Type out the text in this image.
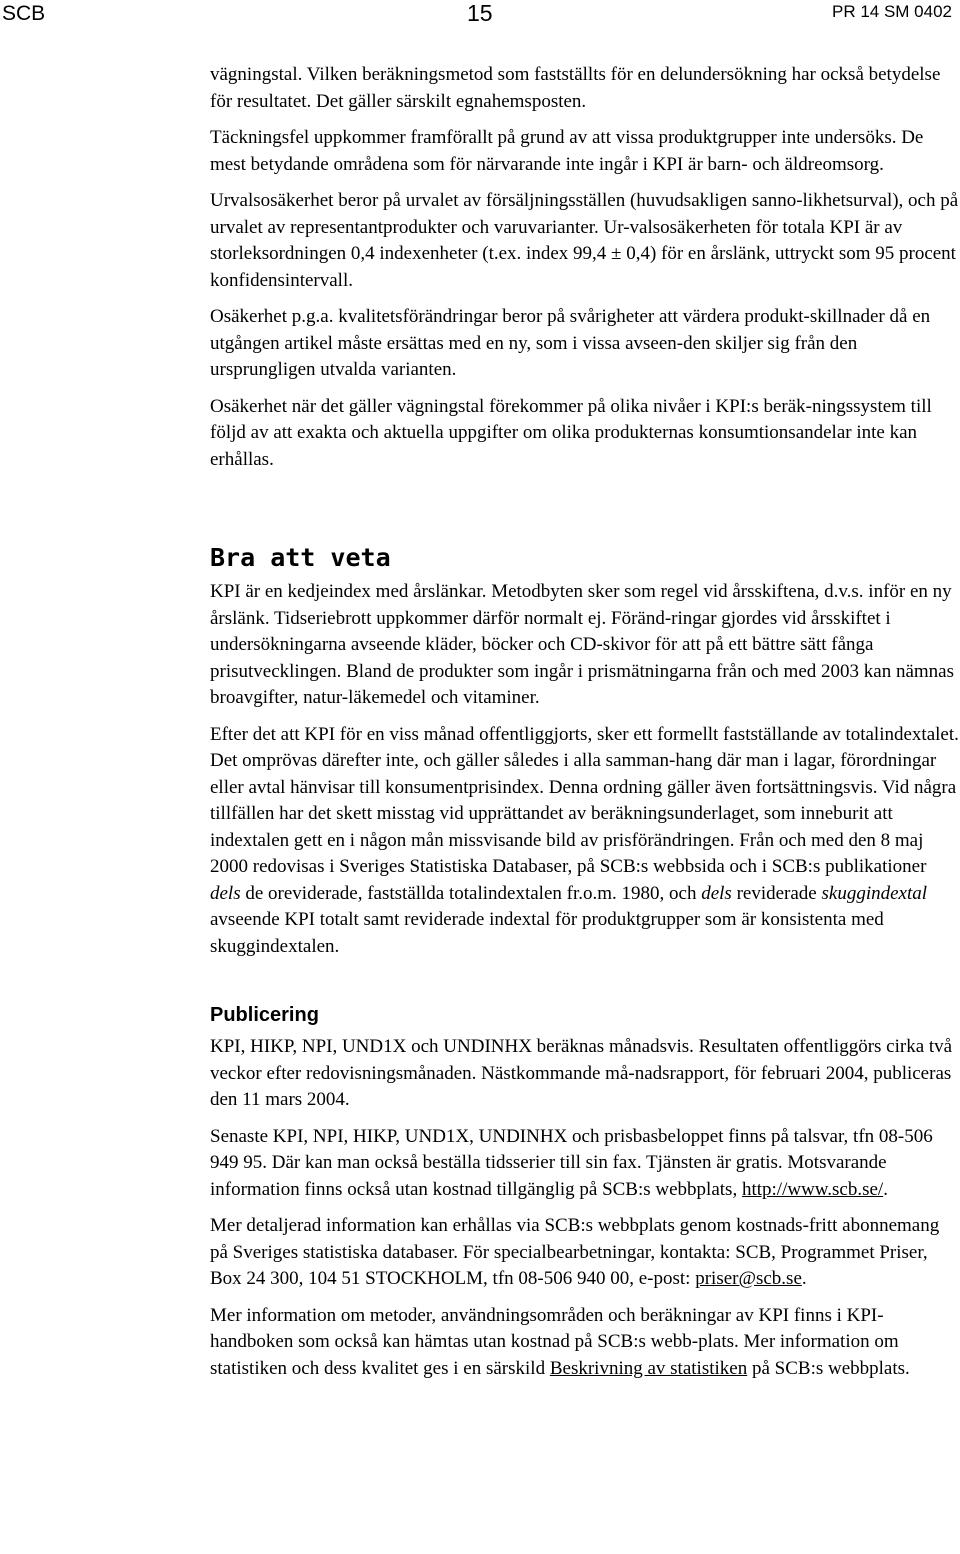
SCB	15	PR 14 SM 0402

vägningstal. Vilken beräkningsmetod som fastställts för en delundersökning har också betydelse för resultatet. Det gäller särskilt egnahemsposten.

Täckningsfel uppkommer framförallt på grund av att vissa produktgrupper inte undersöks. De mest betydande områdena som för närvarande inte ingår i KPI är barn- och äldreomsorg.

Urvalsosäkerhet beror på urvalet av försäljningsställen (huvudsakligen sanno-likhetsurval), och på urvalet av representantprodukter och varuvarianter. Ur-valsosäkerheten för totala KPI är av storleksordningen 0,4 indexenheter (t.ex. index 99,4 ± 0,4) för en årslänk, uttryckt som 95 procent konfidensintervall.

Osäkerhet p.g.a. kvalitetsförändringar beror på svårigheter att värdera produkt-skillnader då en utgången artikel måste ersättas med en ny, som i vissa avseen-den skiljer sig från den ursprungligen utvalda varianten.

Osäkerhet när det gäller vägningstal förekommer på olika nivåer i KPI:s beräk-ningssystem till följd av att exakta och aktuella uppgifter om olika produkternas konsumtionsandelar inte kan erhållas.

Bra att veta

KPI är en kedjeindex med årslänkar. Metodbyten sker som regel vid årsskiftena, d.v.s. inför en ny årslänk. Tidseriebrott uppkommer därför normalt ej. Föränd-ringar gjordes vid årsskiftet i undersökningarna avseende kläder, böcker och CD-skivor för att på ett bättre sätt fånga prisutvecklingen. Bland de produkter som ingår i prismätningarna från och med 2003 kan nämnas broavgifter, natur-läkemedel och vitaminer.

Efter det att KPI för en viss månad offentliggjorts, sker ett formellt fastställande av totalindextalet. Det omprövas därefter inte, och gäller således i alla samman-hang där man i lagar, förordningar eller avtal hänvisar till konsumentprisindex. Denna ordning gäller även fortsättningsvis. Vid några tillfällen har det skett misstag vid upprättandet av beräkningsunderlaget, som inneburit att indextalen gett en i någon mån missvisande bild av prisförändringen. Från och med den 8 maj 2000 redovisas i Sveriges Statistiska Databaser, på SCB:s webbsida och i SCB:s publikationer dels de oreviderade, fastställda totalindextalen fr.o.m. 1980, och dels reviderade skuggindextal avseende KPI totalt samt reviderade indextal för produktgrupper som är konsistenta med skuggindextalen.

Publicering

KPI, HIKP, NPI, UND1X och UNDINHX beräknas månadsvis. Resultaten offentliggörs cirka två veckor efter redovisningsmånaden. Nästkommande må-nadsrapport, för februari 2004, publiceras den 11 mars 2004.

Senaste KPI, NPI, HIKP, UND1X, UNDINHX och prisbasbeloppet finns på talsvar, tfn 08-506 949 95. Där kan man också beställa tidsserier till sin fax. Tjänsten är gratis. Motsvarande information finns också utan kostnad tillgänglig på SCB:s webbplats, http://www.scb.se/.

Mer detaljerad information kan erhållas via SCB:s webbplats genom kostnads-fritt abonnemang på Sveriges statistiska databaser. För specialbearbetningar, kontakta: SCB, Programmet Priser, Box 24 300, 104 51 STOCKHOLM, tfn 08-506 940 00, e-post: priser@scb.se.

Mer information om metoder, användningsområden och beräkningar av KPI finns i KPI-handboken som också kan hämtas utan kostnad på SCB:s webb-plats. Mer information om statistiken och dess kvalitet ges i en särskild Beskrivning av statistiken på SCB:s webbplats.
